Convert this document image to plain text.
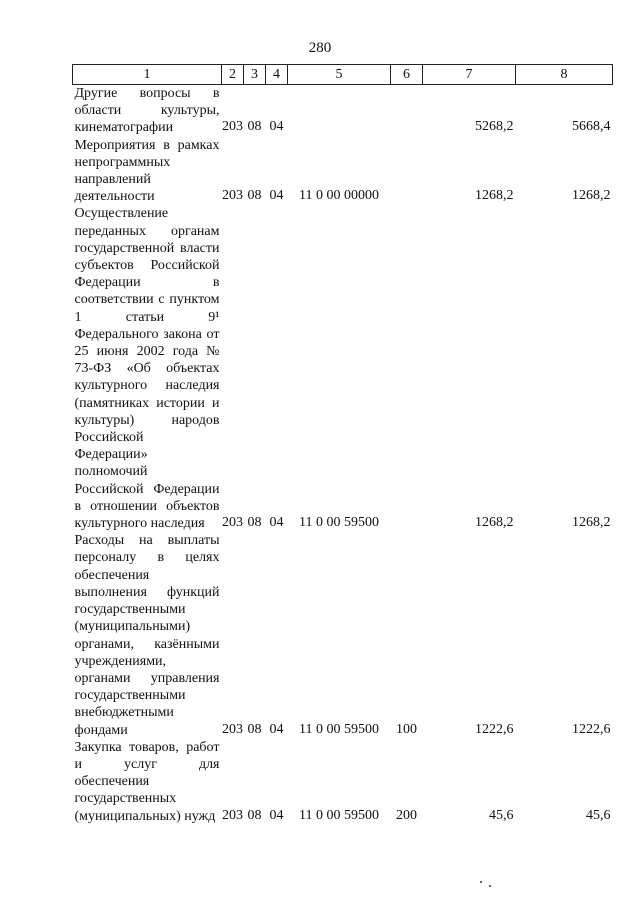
280
1	2	3	4	5	6	7	8

Другие вопросы в области культуры, кинематографии	203	08	04			5268,2	5668,4

Мероприятия в рамках непрограммных направлений деятельности	203	08	04	11 0 00 00000		1268,2	1268,2

Осуществление переданных органам государственной власти субъектов Российской Федерации в соответствии с пунктом 1 статьи 9¹ Федерального закона от 25 июня 2002 года № 73-ФЗ «Об объектах культурного наследия (памятниках истории и культуры) народов Российской Федерации» полномочий Российской Федерации в отношении объектов культурного наследия	203	08	04	11 0 00 59500		1268,2	1268,2

Расходы на выплаты персоналу в целях обеспечения выполнения функций государственными (муниципальными) органами, казёнными учреждениями, органами управления государственными внебюджетными фондами	203	08	04	11 0 00 59500	100	1222,6	1222,6

Закупка товаров, работ и услуг для обеспечения государственных (муниципальных) нужд	203	08	04	11 0 00 59500	200	45,6	45,6
